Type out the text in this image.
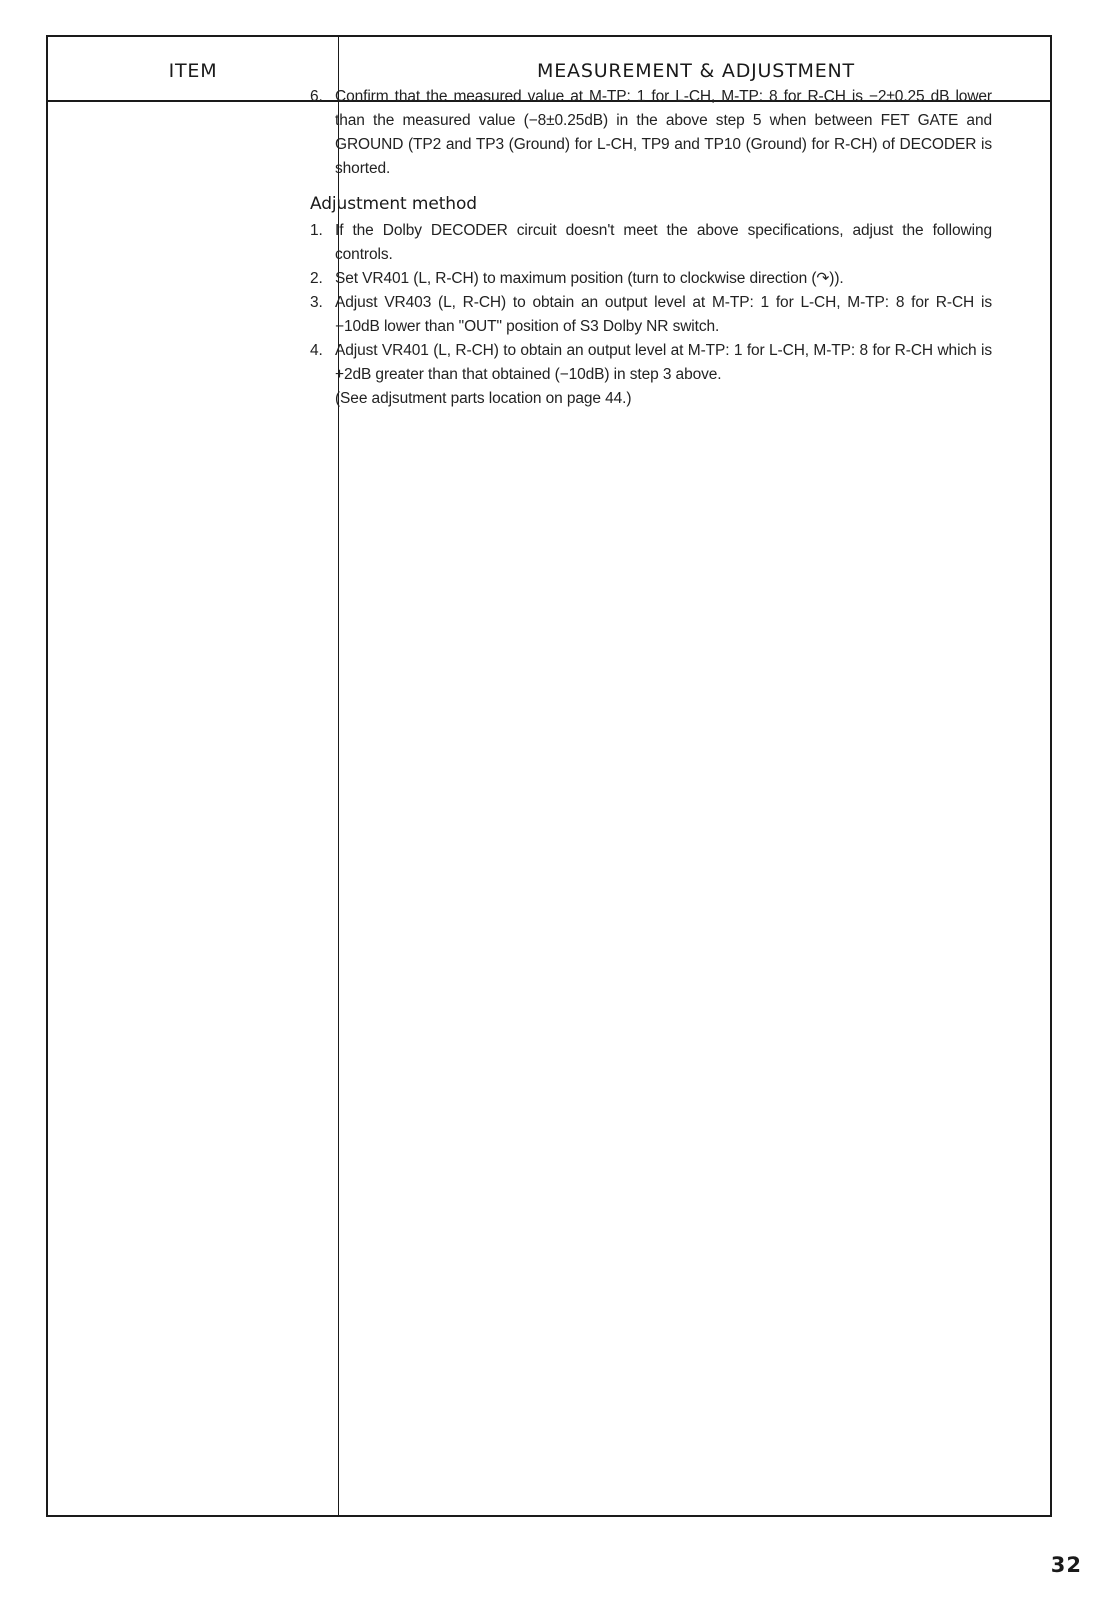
ITEM	MEASUREMENT & ADJUSTMENT
6. Confirm that the measured value at M-TP: 1 for L-CH, M-TP: 8 for R-CH is −2±0.25 dB lower than the measured value (−8±0.25dB) in the above step 5 when between FET GATE and GROUND (TP2 and TP3 (Ground) for L-CH, TP9 and TP10 (Ground) for R-CH) of DECODER is shorted.
Adjustment method
1. If the Dolby DECODER circuit doesn't meet the above specifications, adjust the following controls.
2. Set VR401 (L, R-CH) to maximum position (turn to clockwise direction (↷)).
3. Adjust VR403 (L, R-CH) to obtain an output level at M-TP: 1 for L-CH, M-TP: 8 for R-CH is −10dB lower than "OUT" position of S3 Dolby NR switch.
4. Adjust VR401 (L, R-CH) to obtain an output level at M-TP: 1 for L-CH, M-TP: 8 for R-CH which is +2dB greater than that obtained (−10dB) in step 3 above.
(See adjsutment parts location on page 44.)
32
